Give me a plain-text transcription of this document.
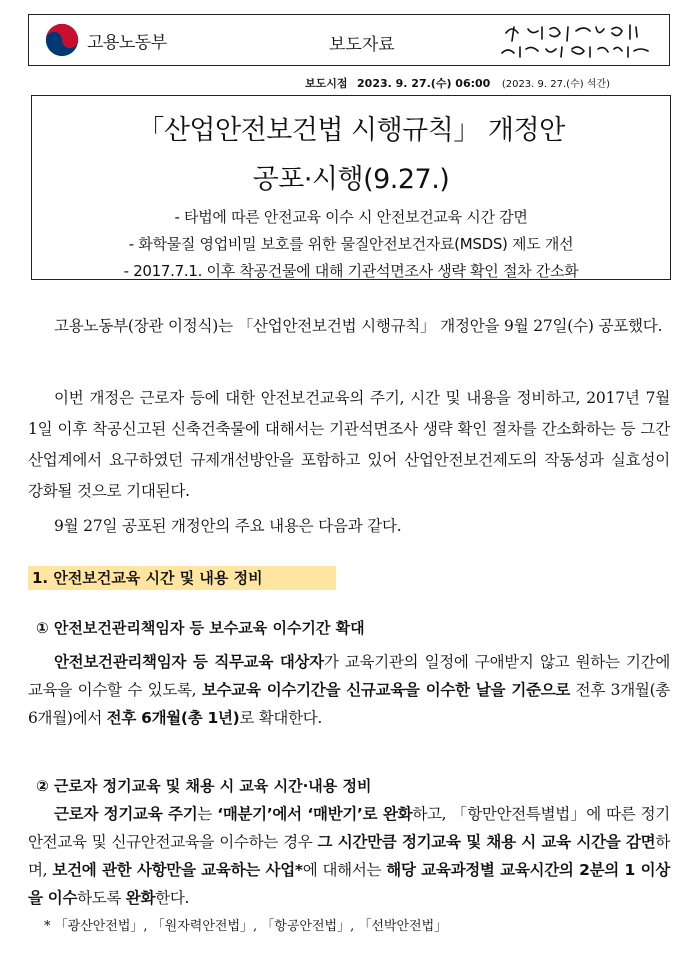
고용노동부	보도자료
보도시점 2023. 9. 27.(수) 06:00 (2023. 9. 27.(수) 석간)
「산업안전보건법 시행규칙」 개정안
공포·시행(9.27.)
- 타법에 따른 안전교육 이수 시 안전보건교육 시간 감면
- 화학물질 영업비밀 보호를 위한 물질안전보건자료(MSDS) 제도 개선
- 2017.7.1. 이후 착공건물에 대해 기관석면조사 생략 확인 절차 간소화
고용노동부(장관 이정식)는 「산업안전보건법 시행규칙」 개정안을 9월 27일(수) 공포했다.
이번 개정은 근로자 등에 대한 안전보건교육의 주기, 시간 및 내용을 정비하고, 2017년 7월 1일 이후 착공신고된 신축건축물에 대해서는 기관석면조사 생략 확인 절차를 간소화하는 등 그간 산업계에서 요구하였던 규제개선방안을 포함하고 있어 산업안전보건제도의 작동성과 실효성이 강화될 것으로 기대된다.
9월 27일 공포된 개정안의 주요 내용은 다음과 같다.
1. 안전보건교육 시간 및 내용 정비
① 안전보건관리책임자 등 보수교육 이수기간 확대
안전보건관리책임자 등 직무교육 대상자가 교육기관의 일정에 구애받지 않고 원하는 기간에 교육을 이수할 수 있도록, 보수교육 이수기간을 신규교육을 이수한 날을 기준으로 전후 3개월(총 6개월)에서 전후 6개월(총 1년)로 확대한다.
② 근로자 정기교육 및 채용 시 교육 시간·내용 정비
근로자 정기교육 주기는 ‘매분기’에서 ‘매반기’로 완화하고, 「항만안전특별법」에 따른 정기안전교육 및 신규안전교육을 이수하는 경우 그 시간만큼 정기교육 및 채용 시 교육 시간을 감면하며, 보건에 관한 사항만을 교육하는 사업*에 대해서는 해당 교육과정별 교육시간의 2분의 1 이상을 이수하도록 완화한다.
* 「광산안전법」, 「원자력안전법」, 「항공안전법」, 「선박안전법」
